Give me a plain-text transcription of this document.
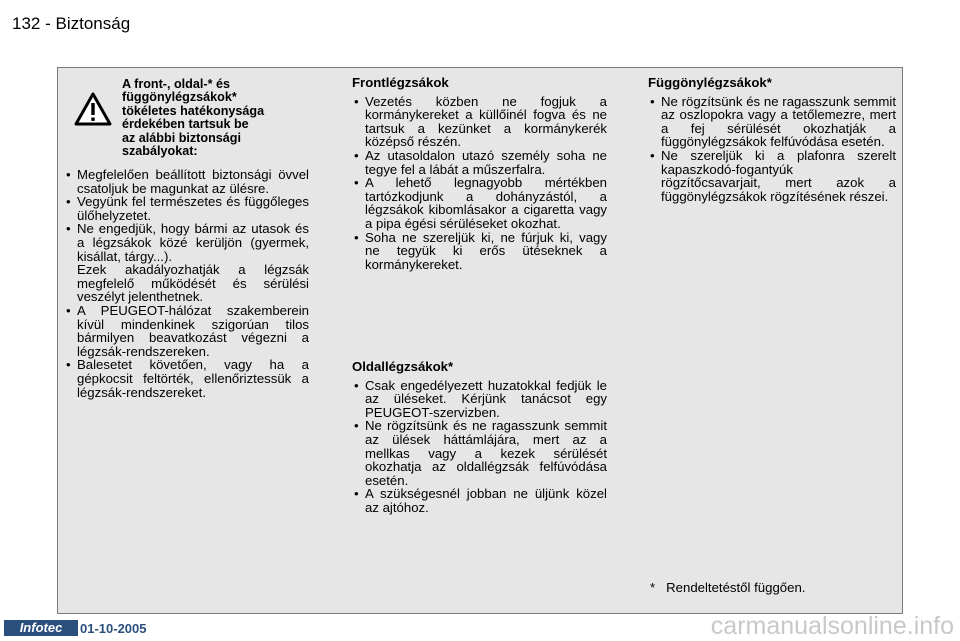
132 - Biztonság
A front-, oldal-* és
függönylégzsákok*
tökéletes hatékonysága
érdekében tartsuk be
az alábbi biztonsági
szabályokat:
• Megfelelően beállított biztonsági övvel csatoljuk be magunkat az ülésre.
• Vegyünk fel természetes és függőleges ülőhelyzetet.
• Ne engedjük, hogy bármi az utasok és a légzsákok közé kerüljön (gyermek, kisállat, tárgy...).
Ezek akadályozhatják a légzsák megfelelő működését és sérülési veszélyt jelenthetnek.
• A PEUGEOT-hálózat szakemberein kívül mindenkinek szigorúan tilos bármilyen beavatkozást végezni a légzsák-rendszereken.
• Balesetet követően, vagy ha a gépkocsit feltörték, ellenőriztessük a légzsák-rendszereket.
Frontlégzsákok
• Vezetés közben ne fogjuk a kormánykereket a küllőinél fogva és ne tartsuk a kezünket a kormánykerék középső részén.
• Az utasoldalon utazó személy soha ne tegye fel a lábát a műszerfalra.
• A lehető legnagyobb mértékben tartózkodjunk a dohányzástól, a légzsákok kibomlásakor a cigaretta vagy a pipa égési sérüléseket okozhat.
• Soha ne szereljük ki, ne fúrjuk ki, vagy ne tegyük ki erős ütéseknek a kormánykereket.
Oldallégzsákok*
• Csak engedélyezett huzatokkal fedjük le az üléseket. Kérjünk tanácsot egy PEUGEOT-szervizben.
• Ne rögzítsünk és ne ragasszunk semmit az ülések háttámlájára, mert az a mellkas vagy a kezek sérülését okozhatja az oldallégzsák felfúvódása esetén.
• A szükségesnél jobban ne üljünk közel az ajtóhoz.
Függönylégzsákok*
• Ne rögzítsünk és ne ragasszunk semmit az oszlopokra vagy a tetőlemezre, mert a fej sérülését okozhatják a függönylégzsákok felfúvódása esetén.
• Ne szereljük ki a plafonra szerelt kapaszkodó-fogantyúk rögzítőcsavarjait, mert azok a függönylégzsákok rögzítésének részei.
* Rendeltetéstől függően.
Infotec	01-10-2005	carmanualsonline.info
